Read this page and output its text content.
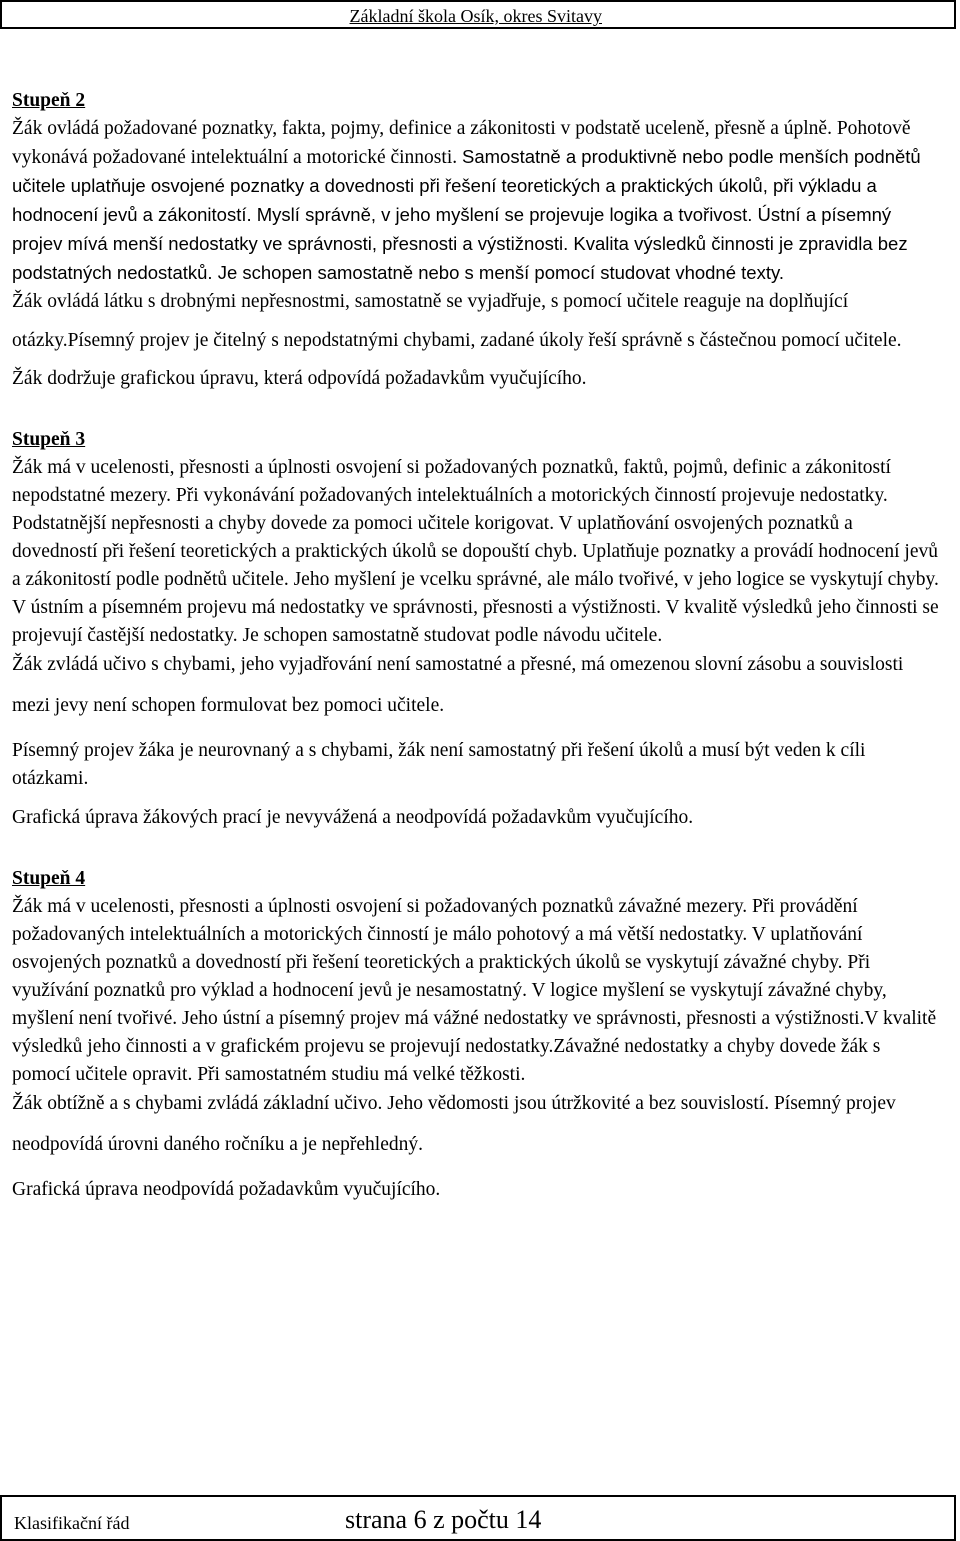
Základní škola Osík, okres Svitavy

Stupeň 2

Žák ovládá požadované poznatky, fakta, pojmy, definice a zákonitosti v podstatě uceleně, přesně a úplně. Pohotově vykonává požadované intelektuální a motorické činnosti. Samostatně a produktivně nebo podle menších podnětů učitele uplatňuje osvojené poznatky a dovednosti při řešení teoretických a praktických úkolů, při výkladu a hodnocení jevů a zákonitostí. Myslí správně, v jeho myšlení se projevuje logika a tvořivost. Ústní a písemný projev mívá menší nedostatky ve správnosti, přesnosti a výstižnosti. Kvalita výsledků činnosti je zpravidla bez podstatných nedostatků. Je schopen samostatně nebo s menší pomocí studovat vhodné texty.

Žák ovládá látku s drobnými nepřesnostmi, samostatně se vyjadřuje, s pomocí učitele reaguje na doplňující otázky.Písemný projev je čitelný s nepodstatnými chybami, zadané úkoly řeší správně s částečnou pomocí učitele.

Žák dodržuje grafickou úpravu, která odpovídá požadavkům vyučujícího.

Stupeň 3

Žák má v ucelenosti, přesnosti a úplnosti osvojení si požadovaných poznatků, faktů, pojmů, definic a zákonitostí nepodstatné mezery. Při vykonávání požadovaných intelektuálních a motorických činností projevuje nedostatky. Podstatnější nepřesnosti a chyby dovede za pomoci učitele korigovat. V uplatňování osvojených poznatků a dovedností při řešení teoretických a praktických úkolů se dopouští chyb. Uplatňuje poznatky a provádí hodnocení jevů a zákonitostí podle podnětů učitele. Jeho myšlení je vcelku správné, ale málo tvořivé, v jeho logice se vyskytují chyby. V ústním a písemném projevu má nedostatky ve správnosti, přesnosti a výstižnosti. V kvalitě výsledků jeho činnosti se projevují častější nedostatky. Je schopen samostatně studovat podle návodu učitele.

Žák zvládá učivo s chybami, jeho vyjadřování není samostatné a přesné, má omezenou slovní zásobu a souvislosti mezi jevy není schopen formulovat bez pomoci učitele.

Písemný projev žáka je neurovnaný a s chybami, žák není samostatný při řešení úkolů a musí být veden k cíli otázkami.

Grafická úprava žákových prací je nevyvážená a neodpovídá požadavkům vyučujícího.

Stupeň 4

Žák má v ucelenosti, přesnosti a úplnosti osvojení si požadovaných poznatků závažné mezery. Při provádění požadovaných intelektuálních a motorických činností je málo pohotový a má větší nedostatky. V uplatňování osvojených poznatků a dovedností při řešení teoretických a praktických úkolů se vyskytují závažné chyby. Při využívání poznatků pro výklad a hodnocení jevů je nesamostatný. V logice myšlení se vyskytují závažné chyby, myšlení není tvořivé. Jeho ústní a písemný projev má vážné nedostatky ve správnosti, přesnosti a výstižnosti.V kvalitě výsledků jeho činnosti a v grafickém projevu se projevují nedostatky.Závažné nedostatky a chyby dovede žák s pomocí učitele opravit. Při samostatném studiu má velké těžkosti.

Žák obtížně a s chybami zvládá základní učivo. Jeho vědomosti jsou útržkovité a bez souvislostí. Písemný projev neodpovídá úrovni daného ročníku a je nepřehledný.

Grafická úprava neodpovídá požadavkům vyučujícího.

Klasifikační řád	strana 6 z počtu 14
